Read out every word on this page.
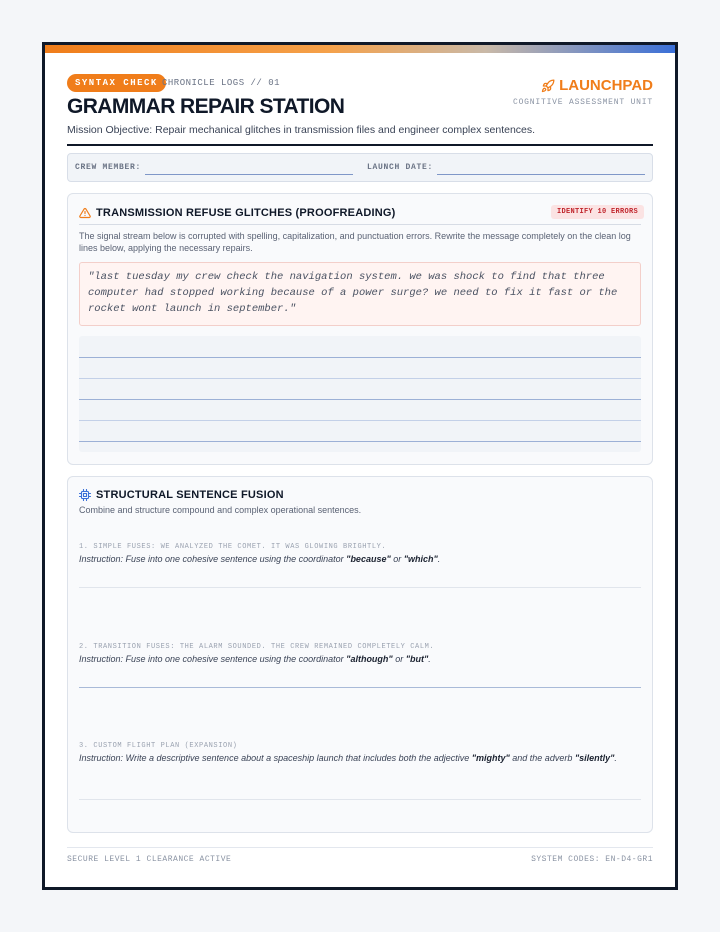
SYNTAX CHECK CHRONICLE LOGS // 01
GRAMMAR REPAIR STATION
LAUNCHPAD
COGNITIVE ASSESSMENT UNIT
Mission Objective: Repair mechanical glitches in transmission files and engineer complex sentences.
CREW MEMBER:	LAUNCH DATE:
TRANSMISSION REFUSE GLITCHES (PROOFREADING)	IDENTIFY 10 ERRORS
The signal stream below is corrupted with spelling, capitalization, and punctuation errors. Rewrite the message completely on the clean log lines below, applying the necessary repairs.

"last tuesday my crew check the navigation system. we was shock to find that three computer had stopped working because of a power surge? we need to fix it fast or the rocket wont launch in september."

STRUCTURAL SENTENCE FUSION
Combine and structure compound and complex operational sentences.
1. SIMPLE FUSES: WE ANALYZED THE COMET. IT WAS GLOWING BRIGHTLY.
Instruction: Fuse into one cohesive sentence using the coordinator "because" or "which".
2. TRANSITION FUSES: THE ALARM SOUNDED. THE CREW REMAINED COMPLETELY CALM.
Instruction: Fuse into one cohesive sentence using the coordinator "although" or "but".
3. CUSTOM FLIGHT PLAN (EXPANSION)
Instruction: Write a descriptive sentence about a spaceship launch that includes both the adjective "mighty" and the adverb "silently".
SECURE LEVEL 1 CLEARANCE ACTIVE	SYSTEM CODES: EN-D4-GR1
